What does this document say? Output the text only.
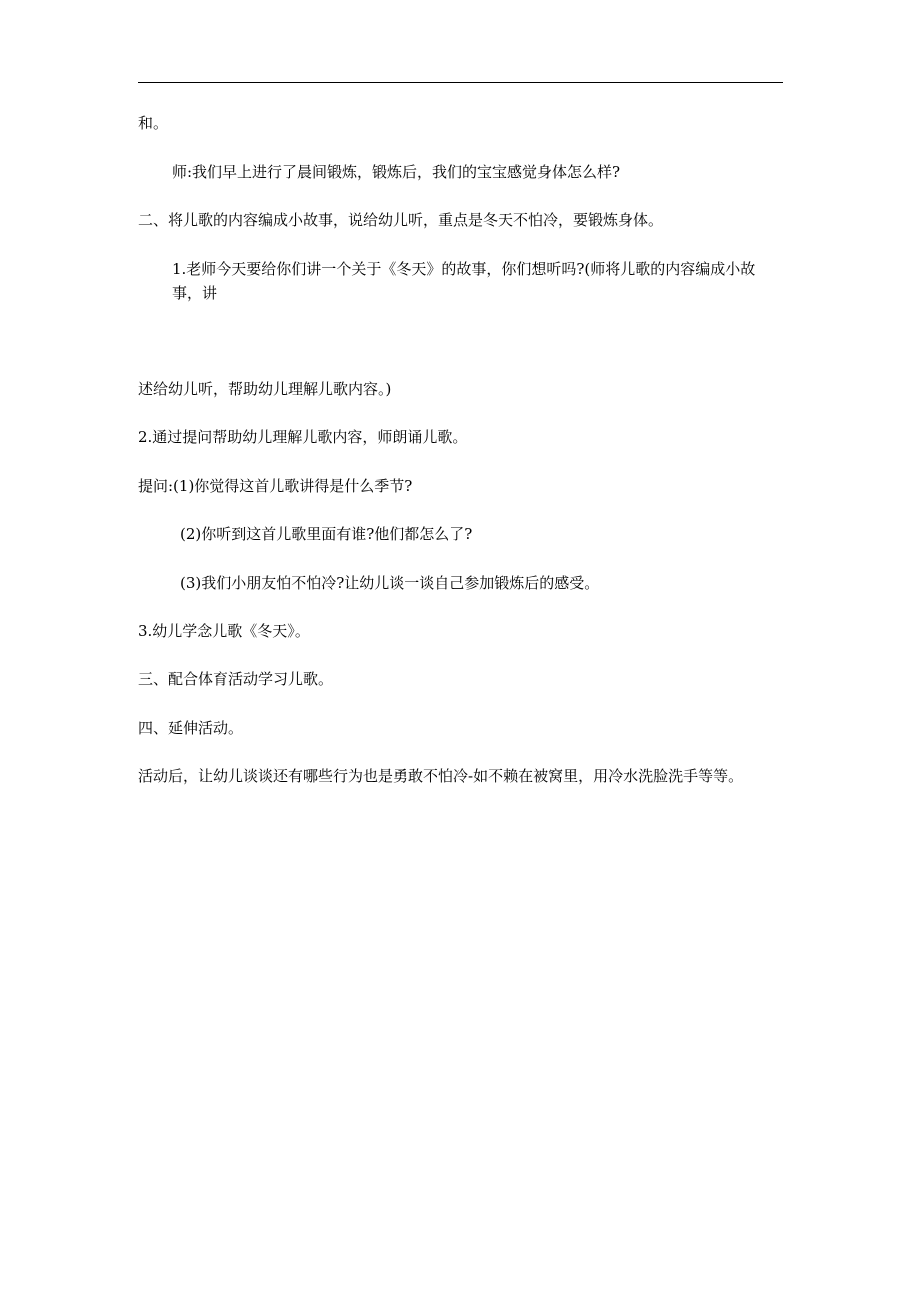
和。
师:我们早上进行了晨间锻炼，锻炼后，我们的宝宝感觉身体怎么样?
二、将儿歌的内容编成小故事，说给幼儿听，重点是冬天不怕冷，要锻炼身体。
1.老师今天要给你们讲一个关于《冬天》的故事，你们想听吗?(师将儿歌的内容编成小故事，讲
述给幼儿听，帮助幼儿理解儿歌内容。)
2.通过提问帮助幼儿理解儿歌内容，师朗诵儿歌。
提问:(1)你觉得这首儿歌讲得是什么季节?
(2)你听到这首儿歌里面有谁?他们都怎么了?
(3)我们小朋友怕不怕冷?让幼儿谈一谈自己参加锻炼后的感受。
3.幼儿学念儿歌《冬天》。
三、配合体育活动学习儿歌。
四、延伸活动。
活动后，让幼儿谈谈还有哪些行为也是勇敢不怕冷-如不赖在被窝里，用冷水洗脸洗手等等。
